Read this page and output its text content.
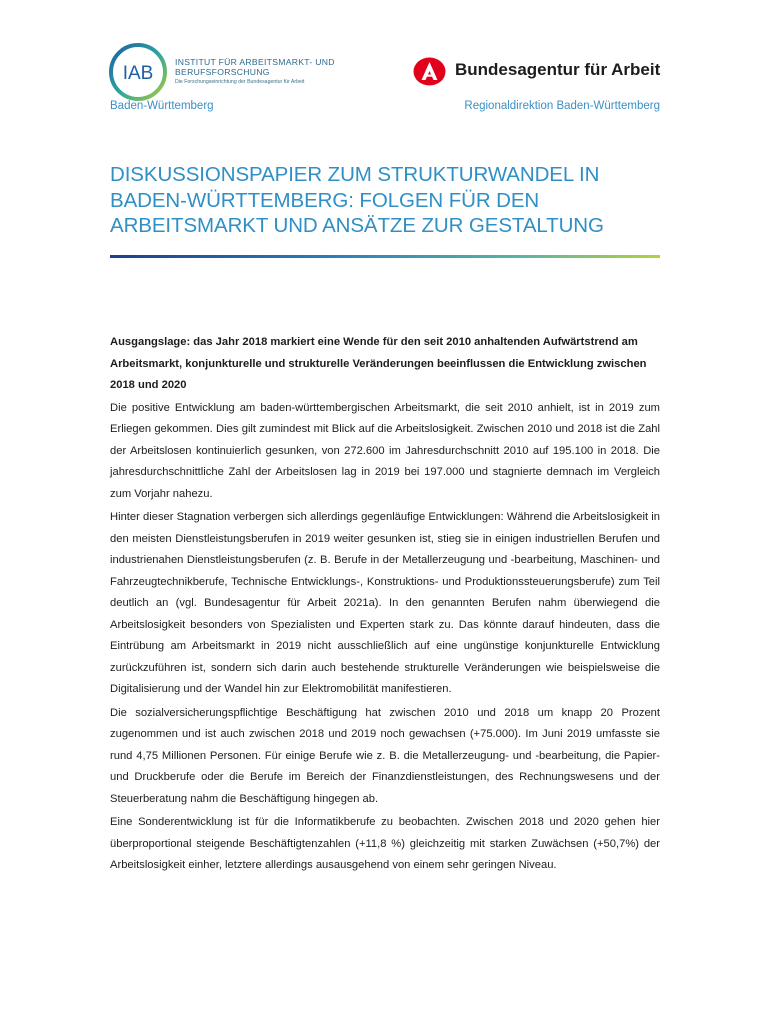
IAB
INSTITUT FÜR ARBEITSMARKT- UND
BERUFSFORSCHUNG
Die Forschungseinrichtung der Bundesagentur für Arbeit
Bundesagentur für Arbeit
Baden-Württemberg	Regionaldirektion Baden-Württemberg
DISKUSSIONSPAPIER ZUM STRUKTURWANDEL IN BADEN-WÜRTTEMBERG: FOLGEN FÜR DEN ARBEITSMARKT UND ANSÄTZE ZUR GESTALTUNG

Ausgangslage: das Jahr 2018 markiert eine Wende für den seit 2010 anhaltenden Aufwärtstrend am Arbeitsmarkt, konjunkturelle und strukturelle Veränderungen beeinflussen die Entwicklung zwischen 2018 und 2020

Die positive Entwicklung am baden-württembergischen Arbeitsmarkt, die seit 2010 anhielt, ist in 2019 zum Erliegen gekommen. Dies gilt zumindest mit Blick auf die Arbeitslosigkeit. Zwischen 2010 und 2018 ist die Zahl der Arbeitslosen kontinuierlich gesunken, von 272.600 im Jahresdurchschnitt 2010 auf 195.100 in 2018. Die jahresdurchschnittliche Zahl der Arbeitslosen lag in 2019 bei 197.000 und stagnierte demnach im Vergleich zum Vorjahr nahezu.

Hinter dieser Stagnation verbergen sich allerdings gegenläufige Entwicklungen: Während die Arbeitslosigkeit in den meisten Dienstleistungsberufen in 2019 weiter gesunken ist, stieg sie in einigen industriellen Berufen und industrienahen Dienstleistungsberufen (z. B. Berufe in der Metallerzeugung und -bearbeitung, Maschinen- und Fahrzeugtechnikberufe, Technische Entwicklungs-, Konstruktions- und Produktionssteuerungsberufe) zum Teil deutlich an (vgl. Bundesagentur für Arbeit 2021a). In den genannten Berufen nahm überwiegend die Arbeitslosigkeit besonders von Spezialisten und Experten stark zu. Das könnte darauf hindeuten, dass die Eintrübung am Arbeitsmarkt in 2019 nicht ausschließlich auf eine ungünstige konjunkturelle Entwicklung zurückzuführen ist, sondern sich darin auch bestehende strukturelle Veränderungen wie beispielsweise die Digitalisierung und der Wandel hin zur Elektromobilität manifestieren.

Die sozialversicherungspflichtige Beschäftigung hat zwischen 2010 und 2018 um knapp 20 Prozent zugenommen und ist auch zwischen 2018 und 2019 noch gewachsen (+75.000). Im Juni 2019 umfasste sie rund 4,75 Millionen Personen. Für einige Berufe wie z. B. die Metallerzeugung- und -bearbeitung, die Papier- und Druckberufe oder die Berufe im Bereich der Finanzdienstleistungen, des Rechnungswesens und der Steuerberatung nahm die Beschäftigung hingegen ab.

Eine Sonderentwicklung ist für die Informatikberufe zu beobachten. Zwischen 2018 und 2020 gehen hier überproportional steigende Beschäftigtenzahlen (+11,8 %) gleichzeitig mit starken Zuwächsen (+50,7%) der Arbeitslosigkeit einher, letztere allerdings ausausgehend von einem sehr geringen Niveau.
